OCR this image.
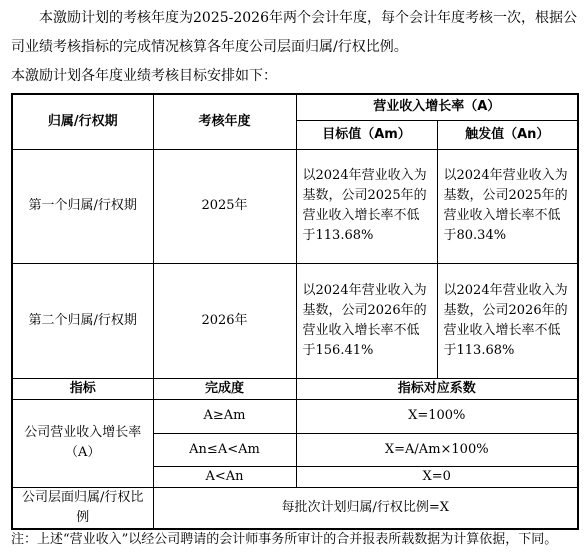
本激励计划的考核年度为2025-2026年两个会计年度，每个会计年度考核一次，根据公司业绩考核指标的完成情况核算各年度公司层面归属/行权比例。
本激励计划各年度业绩考核目标安排如下：
归属/行权期	考核年度	营业收入增长率（A）	
		目标值（Am）	触发值（An）
第一个归属/行权期	2025年	以2024年营业收入为基数，公司2025年的营业收入增长率不低于113.68%	以2024年营业收入为基数，公司2025年的营业收入增长率不低于80.34%
第二个归属/行权期	2026年	以2024年营业收入为基数，公司2026年的营业收入增长率不低于156.41%	以2024年营业收入为基数，公司2026年的营业收入增长率不低于113.68%
指标	完成度	指标对应系数	
公司营业收入增长率（A）	A≥Am	X=100%	
	An≤A<Am	X=A/Am×100%	
	A<An	X=0	
公司层面归属/行权比例	每批次计划归属/行权比例=X		
注：上述“营业收入”以经公司聘请的会计师事务所审计的合并报表所载数据为计算依据，下同。
